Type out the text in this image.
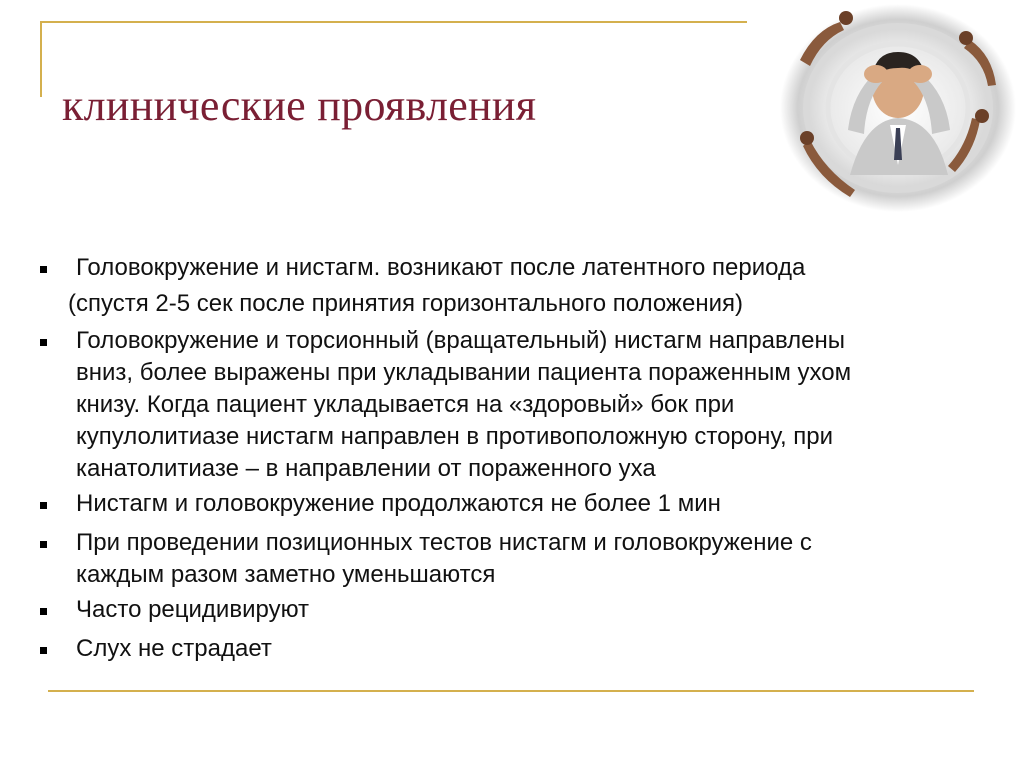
клинические проявления
Головокружение и нистагм. возникают после латентного периода
(спустя 2-5 сек после принятия горизонтального положения)
Головокружение и торсионный (вращательный) нистагм направлены
вниз, более выражены при укладывании пациента пораженным ухом
книзу. Когда пациент укладывается на «здоровый» бок при
купулолитиазе нистагм направлен в противоположную сторону, при
канатолитиазе – в направлении от пораженного уха
Нистагм и головокружение продолжаются не более 1 мин
При проведении позиционных тестов нистагм и головокружение с
каждым разом заметно уменьшаются
Часто рецидивируют
Слух не страдает
